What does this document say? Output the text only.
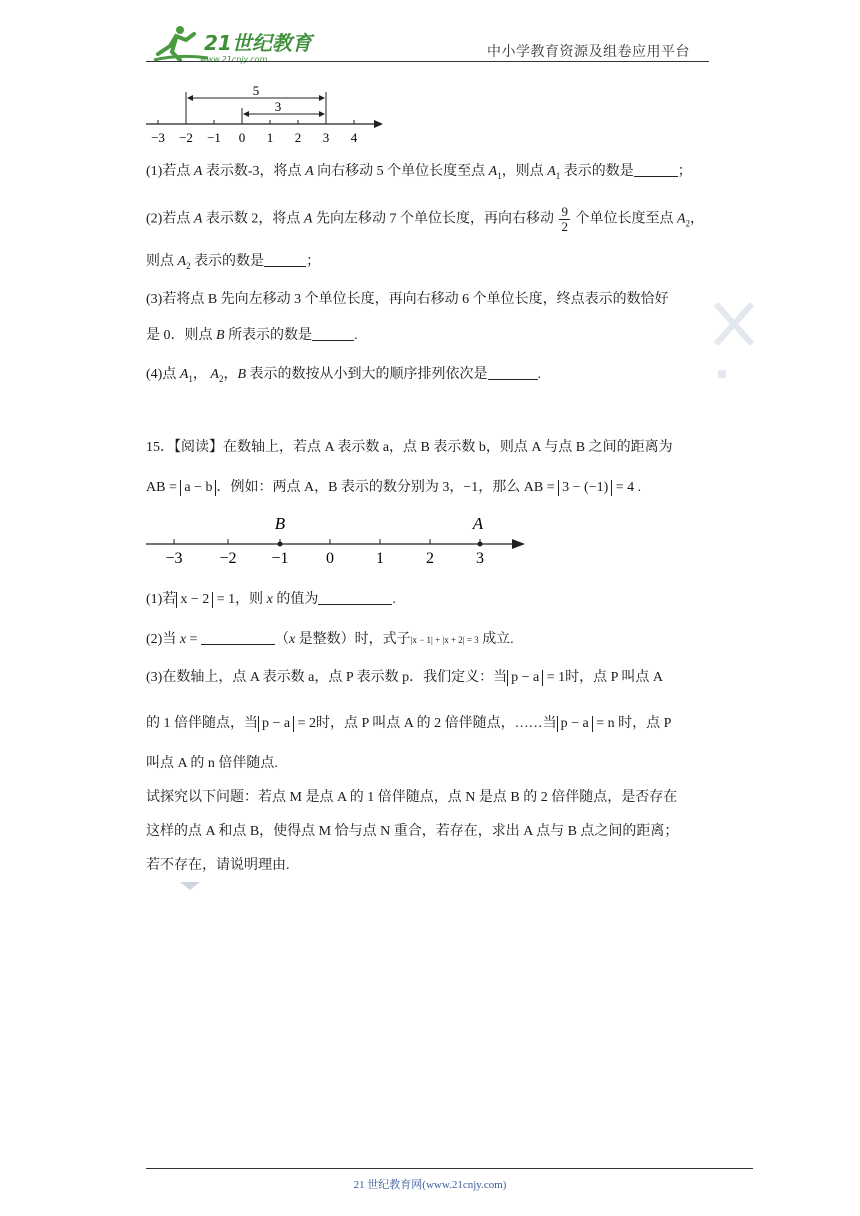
21世纪教育
www.21cnjy.com	中小学教育资源及组卷应用平台
5
3
−3 −2 −1 0 1 2 3 4
(1)若点 A 表示数-3，将点 A 向右移动 5 个单位长度至点 $A_1$，则点 $A_1$ 表示的数是	；
(2)若点 A 表示数 2，将点 A 先向左移动 7 个单位长度，再向右移动 $\frac{9}{2}$ 个单位长度至点 $A_2$，
则点 $A_2$ 表示的数是	；
(3)若将点 B 先向左移动 3 个单位长度，再向右移动 6 个单位长度，终点表示的数恰好
是 0．则点 B 所表示的数是	.
(4)点 $A_1$， $A_2$，B 表示的数按从小到大的顺序排列依次是	.
15．【阅读】在数轴上，若点 A 表示数 a，点 B 表示数 b，则点 A 与点 B 之间的距离为
AB = a − b ．例如：两点 A，B 表示的数分别为 3，−1，那么 AB = 3 − (−1) = 4 .
B	A
−3 −2 −1 0	1	2	3
(1)若 x − 2 = 1，则 x 的值为	.
(2)当 x =	（x 是整数）时，式子|x − 1| + |x + 2| = 3 成立.
(3)在数轴上，点 A 表示数 a，点 P 表示数 p．我们定义：当 p − a = 1时，点 P 叫点 A
的 1 倍伴随点，当 p − a = 2时，点 P 叫点 A 的 2 倍伴随点，……当 p − a = n 时，点 P
叫点 A 的 n 倍伴随点.
试探究以下问题：若点 M 是点 A 的 1 倍伴随点，点 N 是点 B 的 2 倍伴随点，是否存在
这样的点 A 和点 B，使得点 M 恰与点 N 重合，若存在，求出 A 点与 B 点之间的距离；
若不存在，请说明理由.
21 世纪教育网(www.21cnjy.com)
